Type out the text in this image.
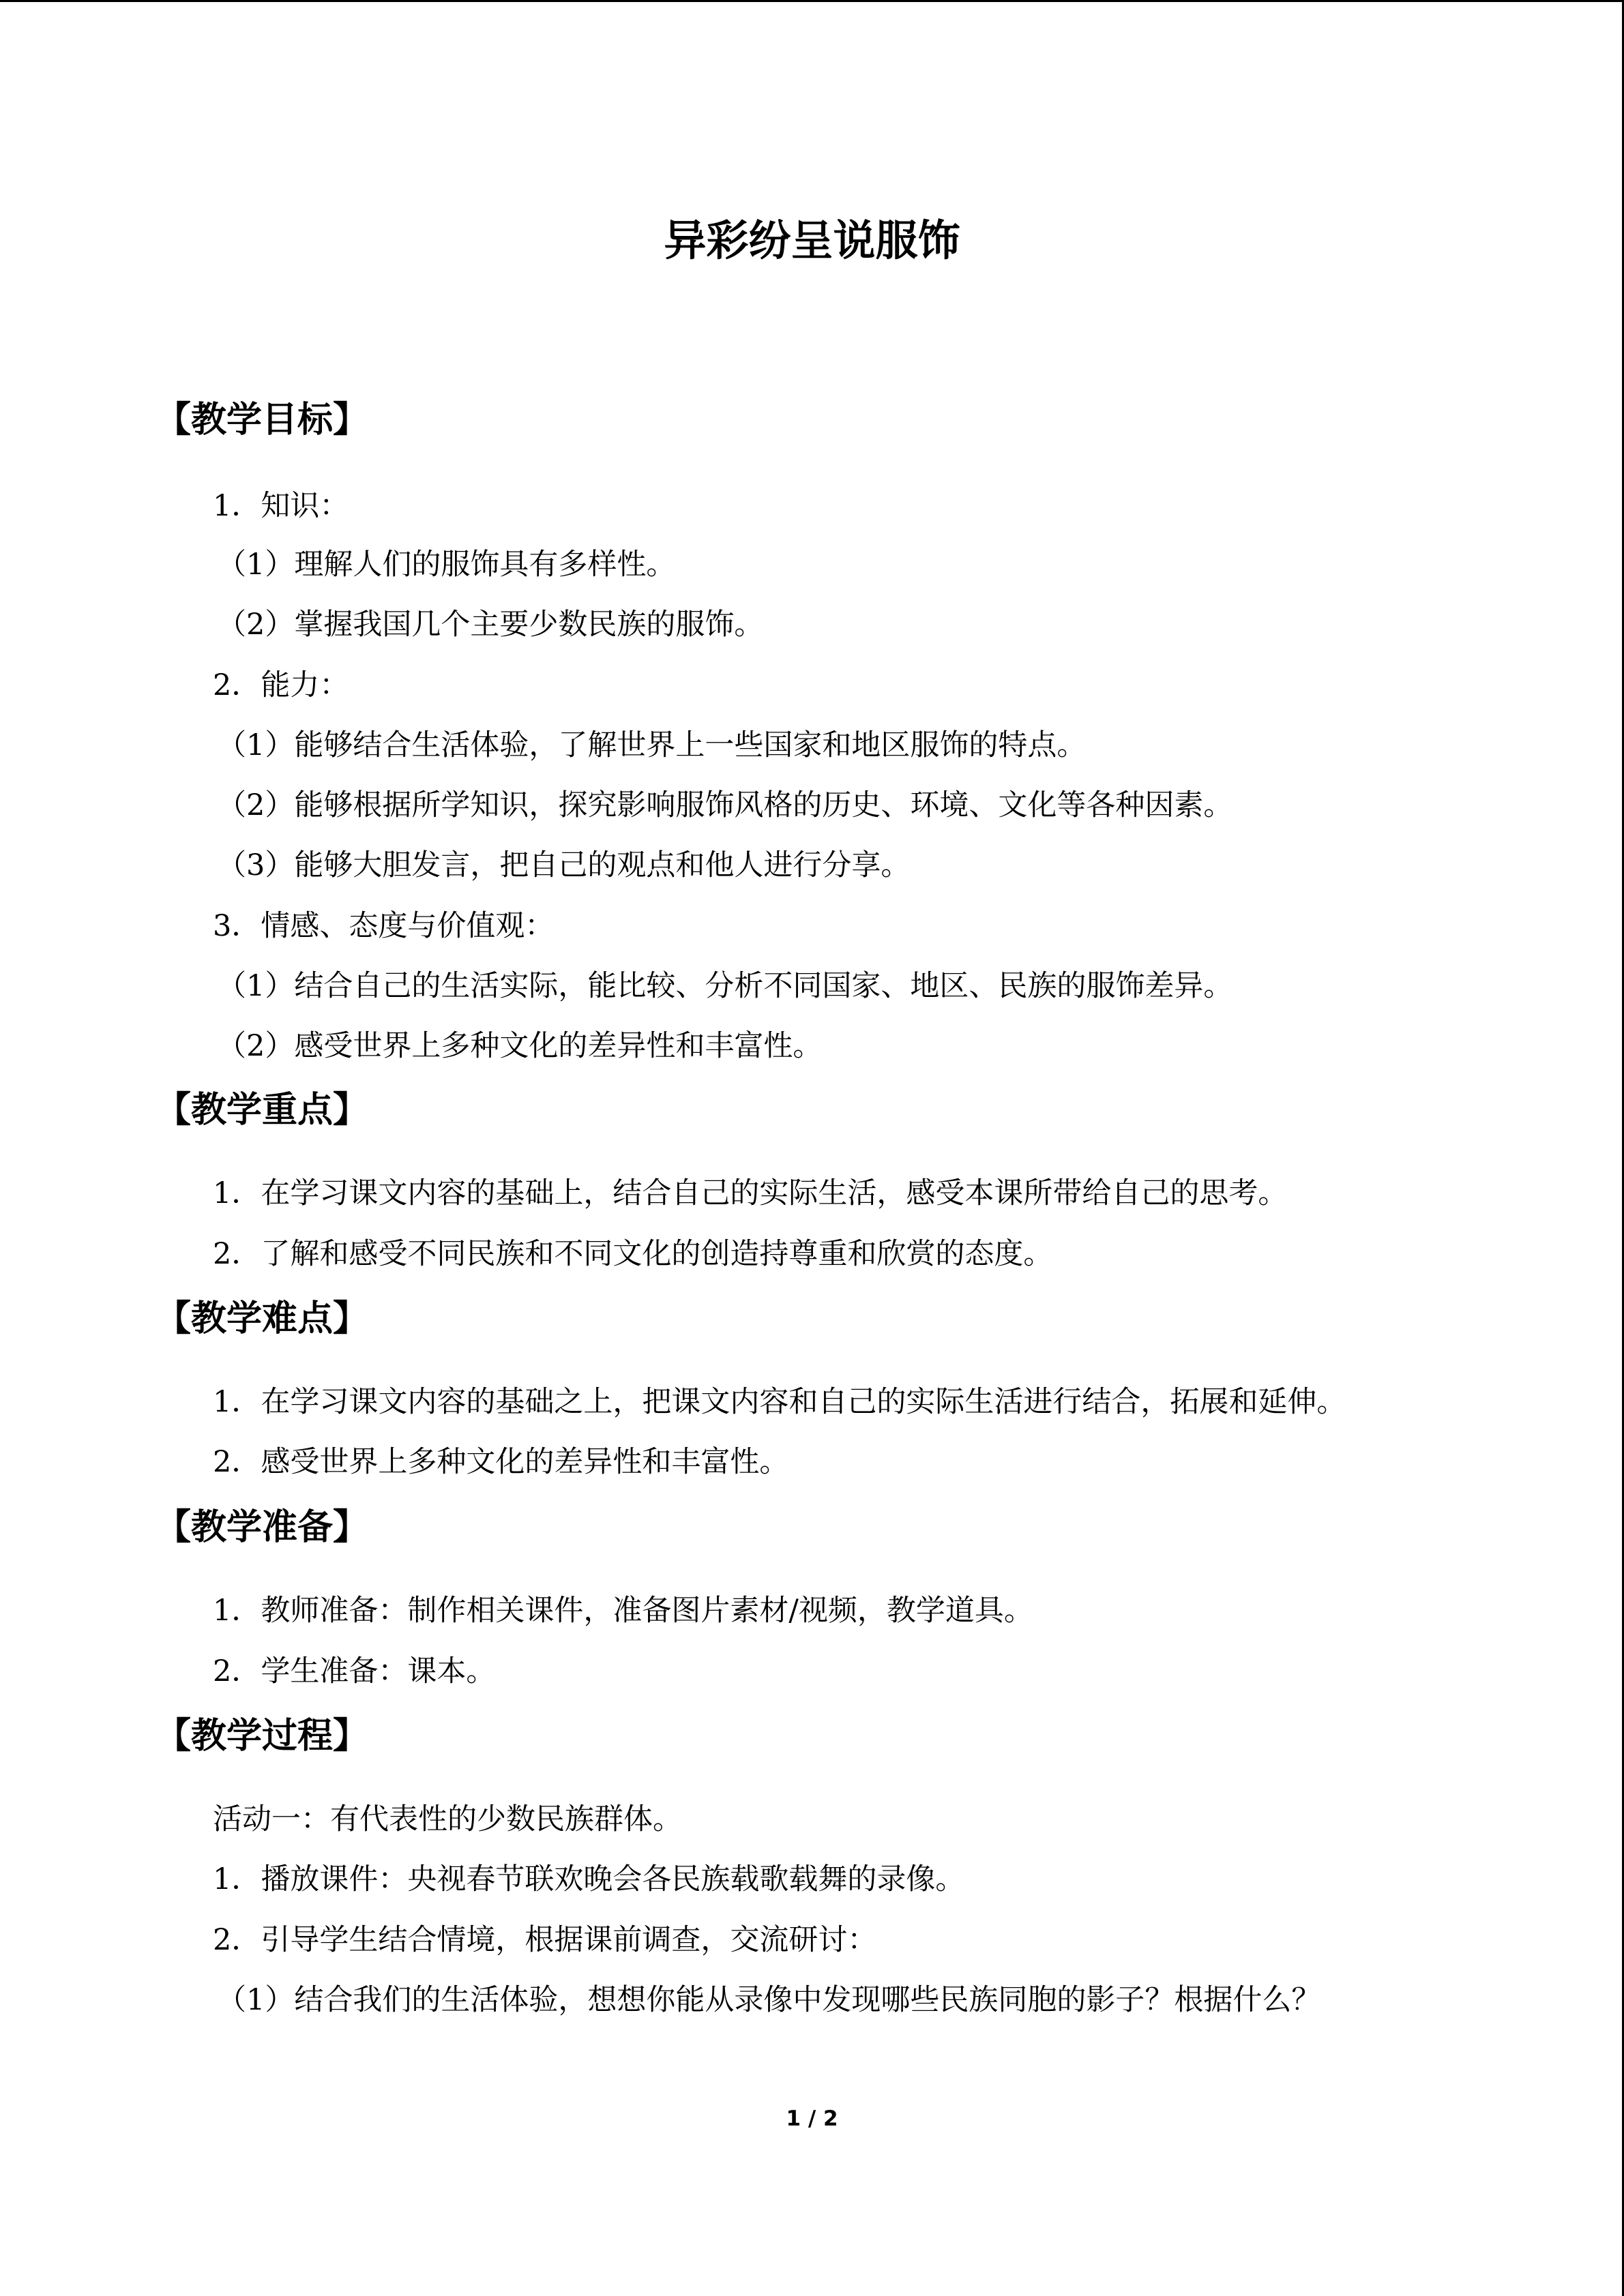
异彩纷呈说服饰
【教学目标】
1．知识：
（1）理解人们的服饰具有多样性。
（2）掌握我国几个主要少数民族的服饰。
2．能力：
（1）能够结合生活体验，了解世界上一些国家和地区服饰的特点。
（2）能够根据所学知识，探究影响服饰风格的历史、环境、文化等各种因素。
（3）能够大胆发言，把自己的观点和他人进行分享。
3．情感、态度与价值观：
（1）结合自己的生活实际，能比较、分析不同国家、地区、民族的服饰差异。
（2）感受世界上多种文化的差异性和丰富性。
【教学重点】
1．在学习课文内容的基础上，结合自己的实际生活，感受本课所带给自己的思考。
2．了解和感受不同民族和不同文化的创造持尊重和欣赏的态度。
【教学难点】
1．在学习课文内容的基础之上，把课文内容和自己的实际生活进行结合，拓展和延伸。
2．感受世界上多种文化的差异性和丰富性。
【教学准备】
1．教师准备：制作相关课件，准备图片素材/视频，教学道具。
2．学生准备：课本。
【教学过程】
活动一：有代表性的少数民族群体。
1．播放课件：央视春节联欢晚会各民族载歌载舞的录像。
2．引导学生结合情境，根据课前调查，交流研讨：
（1）结合我们的生活体验，想想你能从录像中发现哪些民族同胞的影子？根据什么？
1 / 2
